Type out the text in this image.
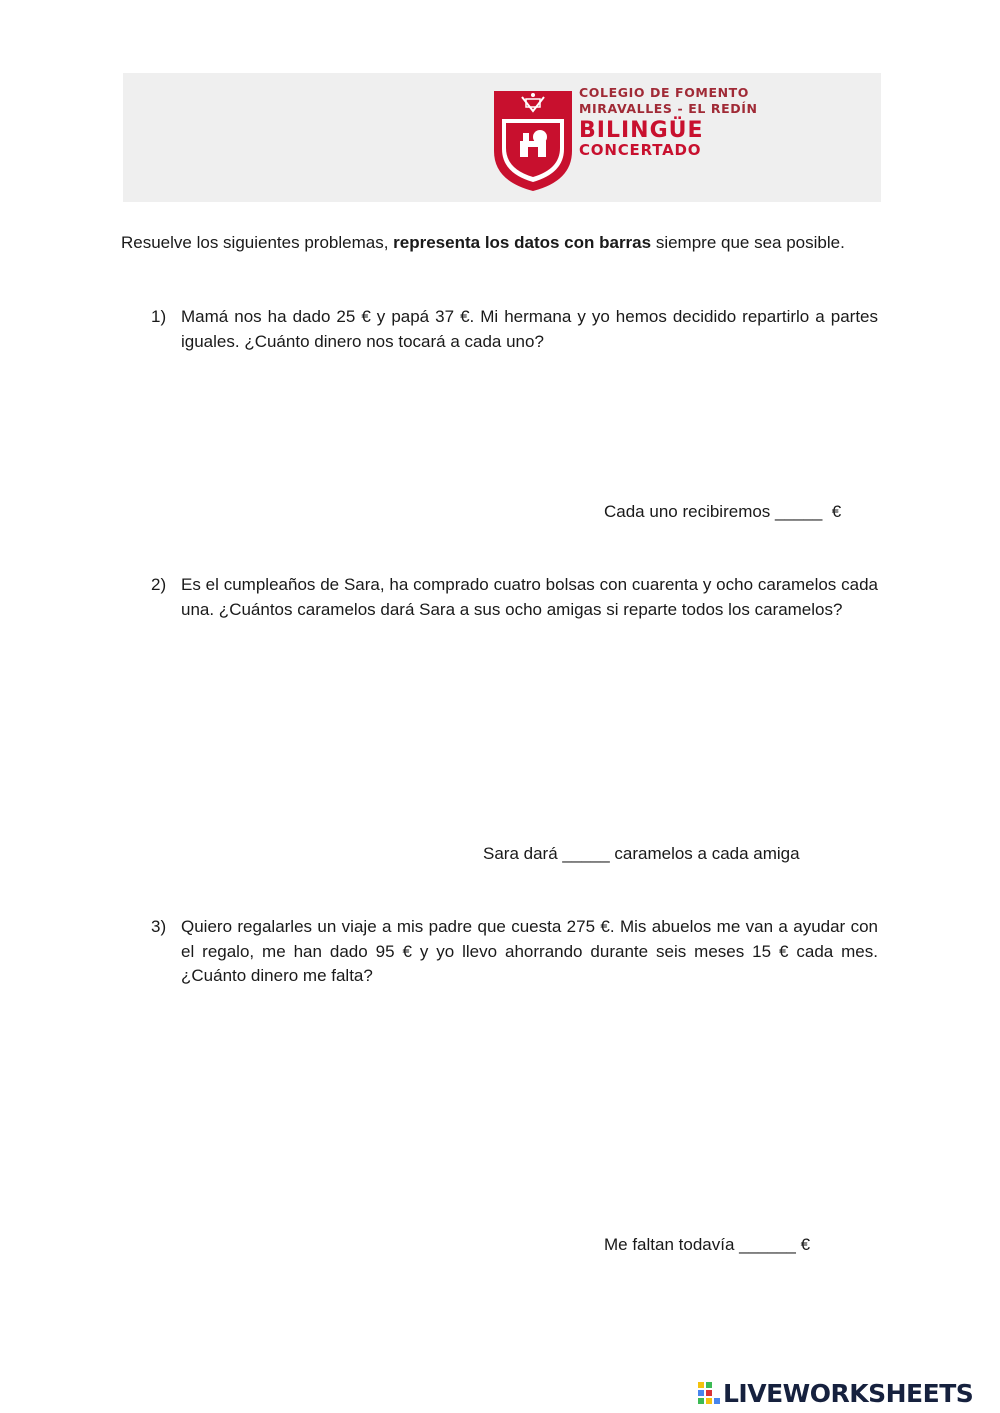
COLEGIO DE FOMENTO
MIRAVALLES - EL REDÍN
BILINGÜE
CONCERTADO
Resuelve los siguientes problemas, representa los datos con barras siempre que sea posible.
1) Mamá nos ha dado 25 € y papá 37 €. Mi hermana y yo hemos decidido repartirlo a partes iguales. ¿Cuánto dinero nos tocará a cada uno?
Cada uno recibiremos _____  €
2) Es el cumpleaños de Sara, ha comprado cuatro bolsas con cuarenta y ocho caramelos cada una. ¿Cuántos caramelos dará Sara a sus ocho amigas si reparte todos los caramelos?
Sara dará _____ caramelos a cada amiga
3) Quiero regalarles un viaje a mis padre que cuesta 275 €. Mis abuelos me van a ayudar con el regalo, me han dado 95 € y yo llevo ahorrando durante seis meses 15 € cada mes. ¿Cuánto dinero me falta?
Me faltan todavía ______ €
LIVEWORKSHEETS
